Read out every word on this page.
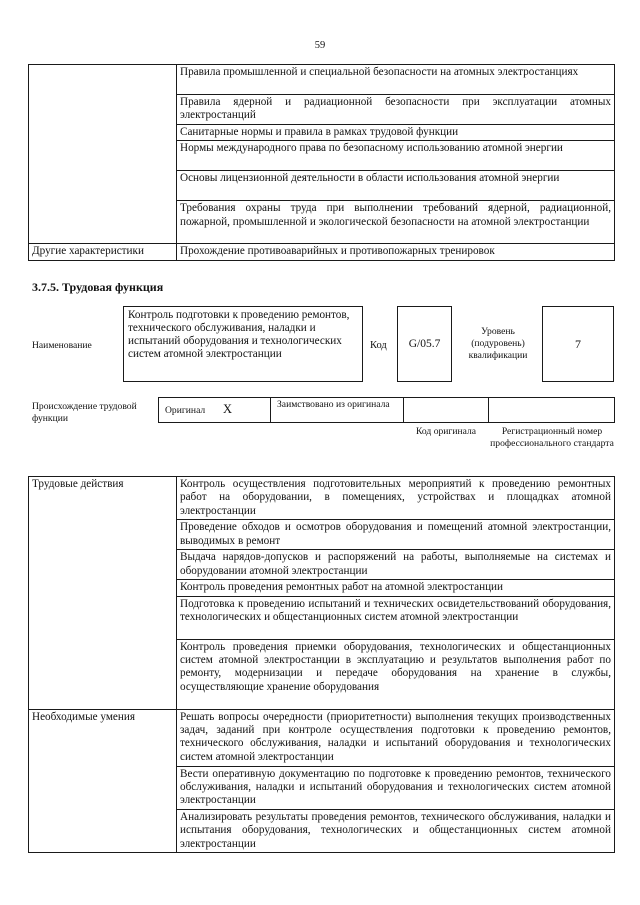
59
	Правила промышленной и специальной безопасности на атомных электростанциях
	Правила ядерной и радиационной безопасности при эксплуатации атомных электростанций
	Санитарные нормы и правила в рамках трудовой функции
	Нормы международного права по безопасному использованию атомной энергии
	Основы лицензионной деятельности в области использования атомной энергии
	Требования охраны труда при выполнении требований ядерной, радиационной, пожарной, промышленной и экологической безопасности на атомной электростанции
Другие характеристики	Прохождение противоаварийных и противопожарных тренировок
3.7.5. Трудовая функция
Наименование
Контроль подготовки к проведению ремонтов, технического обслуживания, наладки и испытаний оборудования и технологических систем атомной электростанции
Код	G/05.7
Уровень (подуровень) квалификации
7
Происхождение трудовой функции
Оригинал X	Заимствовано из оригинала
Код оригинала	Регистрационный номер профессионального стандарта
Трудовые действия	Контроль осуществления подготовительных мероприятий к проведению ремонтных работ на оборудовании, в помещениях, устройствах и площадках атомной электростанции
	Проведение обходов и осмотров оборудования и помещений атомной электростанции, выводимых в ремонт
	Выдача нарядов-допусков и распоряжений на работы, выполняемые на системах и оборудовании атомной электростанции
	Контроль проведения ремонтных работ на атомной электростанции
	Подготовка к проведению испытаний и технических освидетельствований оборудования, технологических и общестанционных систем атомной электростанции
	Контроль проведения приемки оборудования, технологических и общестанционных систем атомной электростанции в эксплуатацию и результатов выполнения работ по ремонту, модернизации и передаче оборудования на хранение в службы, осуществляющие хранение оборудования
Необходимые умения	Решать вопросы очередности (приоритетности) выполнения текущих производственных задач, заданий при контроле осуществления подготовки к проведению ремонтов, технического обслуживания, наладки и испытаний оборудования и технологических систем атомной электростанции
	Вести оперативную документацию по подготовке к проведению ремонтов, технического обслуживания, наладки и испытаний оборудования и технологических систем атомной электростанции
	Анализировать результаты проведения ремонтов, технического обслуживания, наладки и испытания оборудования, технологических и общестанционных систем атомной электростанции
